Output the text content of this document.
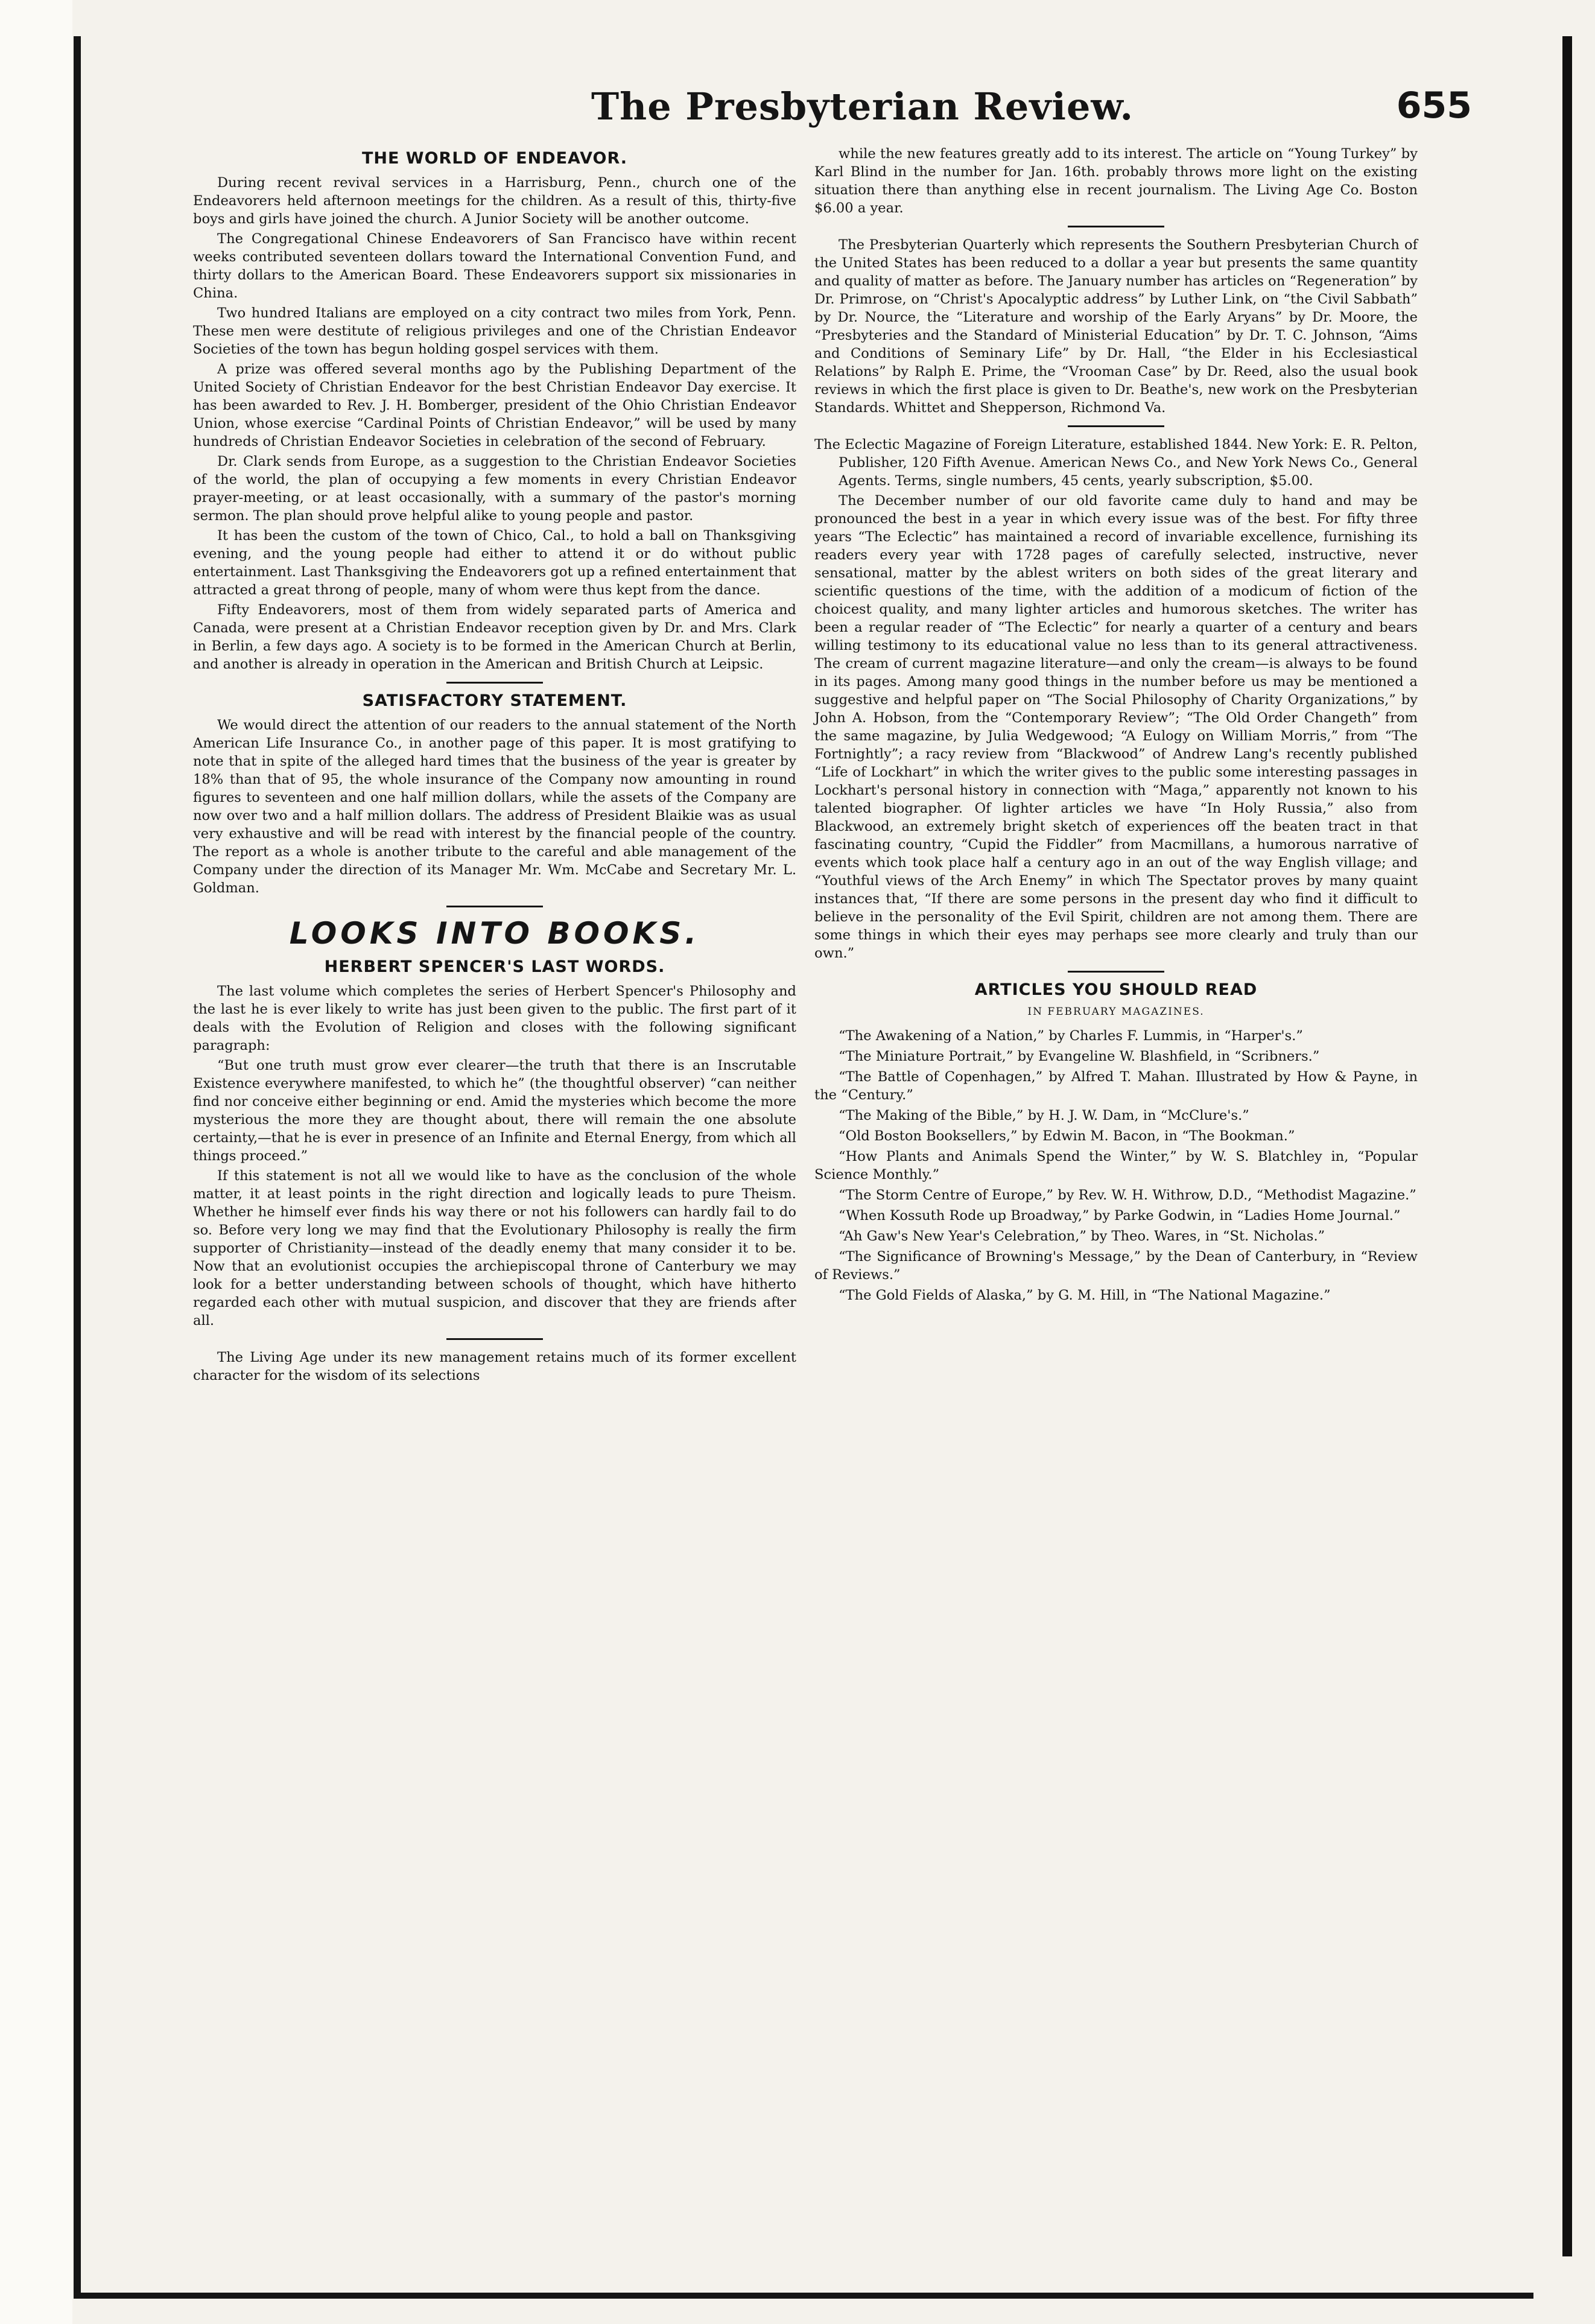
The Presbyterian Review.	655
THE WORLD OF ENDEAVOR.

During recent revival services in a Harrisburg, Penn., church one of the Endeavorers held afternoon meetings for the children. As a result of this, thirty-five boys and girls have joined the church. A Junior Society will be another outcome.

The Congregational Chinese Endeavorers of San Francisco have within recent weeks contributed seventeen dollars toward the International Convention Fund, and thirty dollars to the American Board. These Endeavorers support six missionaries in China.

Two hundred Italians are employed on a city contract two miles from York, Penn. These men were destitute of religious privileges and one of the Christian Endeavor Societies of the town has begun holding gospel services with them.

A prize was offered several months ago by the Publishing Department of the United Society of Christian Endeavor for the best Christian Endeavor Day exercise. It has been awarded to Rev. J. H. Bomberger, president of the Ohio Christian Endeavor Union, whose exercise “Cardinal Points of Christian Endeavor,” will be used by many hundreds of Christian Endeavor Societies in celebration of the second of February.

Dr. Clark sends from Europe, as a suggestion to the Christian Endeavor Societies of the world, the plan of occupying a few moments in every Christian Endeavor prayer-meeting, or at least occasionally, with a summary of the pastor's morning sermon. The plan should prove helpful alike to young people and pastor.

It has been the custom of the town of Chico, Cal., to hold a ball on Thanksgiving evening, and the young people had either to attend it or do without public entertainment. Last Thanksgiving the Endeavorers got up a refined entertainment that attracted a great throng of people, many of whom were thus kept from the dance.

Fifty Endeavorers, most of them from widely separated parts of America and Canada, were present at a Christian Endeavor reception given by Dr. and Mrs. Clark in Berlin, a few days ago. A society is to be formed in the American Church at Berlin, and another is already in operation in the American and British Church at Leipsic.

SATISFACTORY STATEMENT.

We would direct the attention of our readers to the annual statement of the North American Life Insurance Co., in another page of this paper. It is most gratifying to note that in spite of the alleged hard times that the business of the year is greater by 18% than that of 95, the whole insurance of the Company now amounting in round figures to seventeen and one half million dollars, while the assets of the Company are now over two and a half million dollars. The address of President Blaikie was as usual very exhaustive and will be read with interest by the financial people of the country. The report as a whole is another tribute to the careful and able management of the Company under the direction of its Manager Mr. Wm. McCabe and Secretary Mr. L. Goldman.

LOOKS INTO BOOKS.
HERBERT SPENCER'S LAST WORDS.

The last volume which completes the series of Herbert Spencer's Philosophy and the last he is ever likely to write has just been given to the public. The first part of it deals with the Evolution of Religion and closes with the following significant paragraph:

“But one truth must grow ever clearer—the truth that there is an Inscrutable Existence everywhere manifested, to which he” (the thoughtful observer) “can neither find nor conceive either beginning or end. Amid the mysteries which become the more mysterious the more they are thought about, there will remain the one absolute certainty,—that he is ever in presence of an Infinite and Eternal Energy, from which all things proceed.”

If this statement is not all we would like to have as the conclusion of the whole matter, it at least points in the right direction and logically leads to pure Theism. Whether he himself ever finds his way there or not his followers can hardly fail to do so. Before very long we may find that the Evolutionary Philosophy is really the firm supporter of Christianity—instead of the deadly enemy that many consider it to be. Now that an evolutionist occupies the archiepiscopal throne of Canterbury we may look for a better understanding between schools of thought, which have hitherto regarded each other with mutual suspicion, and discover that they are friends after all.

The Living Age under its new management retains much of its former excellent character for the wisdom of its selections

while the new features greatly add to its interest. The article on “Young Turkey” by Karl Blind in the number for Jan. 16th. probably throws more light on the existing situation there than anything else in recent journalism. The Living Age Co. Boston $6.00 a year.

The Presbyterian Quarterly which represents the Southern Presbyterian Church of the United States has been reduced to a dollar a year but presents the same quantity and quality of matter as before. The January number has articles on “Regeneration” by Dr. Primrose, on “Christ's Apocalyptic address” by Luther Link, on “the Civil Sabbath” by Dr. Nource, the “Literature and worship of the Early Aryans” by Dr. Moore, the “Presbyteries and the Standard of Ministerial Education” by Dr. T. C. Johnson, “Aims and Conditions of Seminary Life” by Dr. Hall, “the Elder in his Ecclesiastical Relations” by Ralph E. Prime, the “Vrooman Case” by Dr. Reed, also the usual book reviews in which the first place is given to Dr. Beathe's, new work on the Presbyterian Standards. Whittet and Shepperson, Richmond Va.

The Eclectic Magazine of Foreign Literature, established 1844. New York: E. R. Pelton, Publisher, 120 Fifth Avenue. American News Co., and New York News Co., General Agents. Terms, single numbers, 45 cents, yearly subscription, $5.00.

The December number of our old favorite came duly to hand and may be pronounced the best in a year in which every issue was of the best. For fifty three years “The Eclectic” has maintained a record of invariable excellence, furnishing its readers every year with 1728 pages of carefully selected, instructive, never sensational, matter by the ablest writers on both sides of the great literary and scientific questions of the time, with the addition of a modicum of fiction of the choicest quality, and many lighter articles and humorous sketches. The writer has been a regular reader of “The Eclectic” for nearly a quarter of a century and bears willing testimony to its educational value no less than to its general attractiveness. The cream of current magazine literature—and only the cream—is always to be found in its pages. Among many good things in the number before us may be mentioned a suggestive and helpful paper on “The Social Philosophy of Charity Organizations,” by John A. Hobson, from the “Contemporary Review”; “The Old Order Changeth” from the same magazine, by Julia Wedgewood; “A Eulogy on William Morris,” from “The Fortnightly”; a racy review from “Blackwood” of Andrew Lang's recently published “Life of Lockhart” in which the writer gives to the public some interesting passages in Lockhart's personal history in connection with “Maga,” apparently not known to his talented biographer. Of lighter articles we have “In Holy Russia,” also from Blackwood, an extremely bright sketch of experiences off the beaten tract in that fascinating country, “Cupid the Fiddler” from Macmillans, a humorous narrative of events which took place half a century ago in an out of the way English village; and “Youthful views of the Arch Enemy” in which The Spectator proves by many quaint instances that, “If there are some persons in the present day who find it difficult to believe in the personality of the Evil Spirit, children are not among them. There are some things in which their eyes may perhaps see more clearly and truly than our own.”

ARTICLES YOU SHOULD READ
IN FEBRUARY MAGAZINES.

“The Awakening of a Nation,” by Charles F. Lummis, in “Harper's.”

“The Miniature Portrait,” by Evangeline W. Blashfield, in “Scribners.”

“The Battle of Copenhagen,” by Alfred T. Mahan. Illustrated by How & Payne, in the “Century.”

“The Making of the Bible,” by H. J. W. Dam, in “McClure's.”

“Old Boston Booksellers,” by Edwin M. Bacon, in “The Bookman.”

“How Plants and Animals Spend the Winter,” by W. S. Blatchley in, “Popular Science Monthly.”

“The Storm Centre of Europe,” by Rev. W. H. Withrow, D.D., “Methodist Magazine.”

“When Kossuth Rode up Broadway,” by Parke Godwin, in “Ladies Home Journal.”

“Ah Gaw's New Year's Celebration,” by Theo. Wares, in “St. Nicholas.”

“The Significance of Browning's Message,” by the Dean of Canterbury, in “Review of Reviews.”

“The Gold Fields of Alaska,” by G. M. Hill, in “The National Magazine.”
